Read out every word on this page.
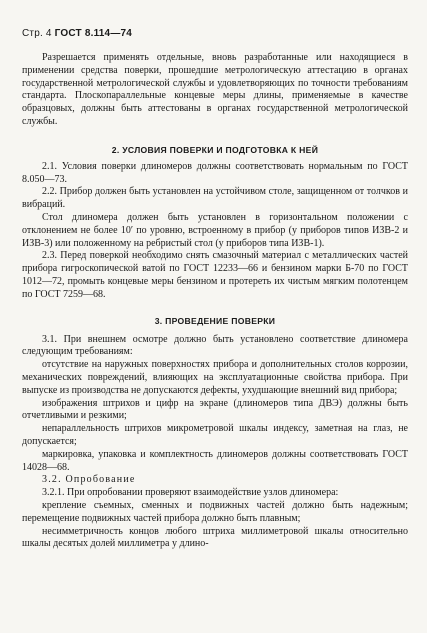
Стр. 4 ГОСТ 8.114—74

Разрешается применять отдельные, вновь разработанные или находящиеся в применении средства поверки, прошедшие метрологическую аттестацию в органах государственной метрологической службы и удовлетворяющих по точности требованиям стандарта. Плоскопараллельные концевые меры длины, применяемые в качестве образцовых, должны быть аттестованы в органах государственной метрологической службы.

2. УСЛОВИЯ ПОВЕРКИ И ПОДГОТОВКА К НЕЙ

2.1. Условия поверки длиномеров должны соответствовать нормальным по ГОСТ 8.050—73.

2.2. Прибор должен быть установлен на устойчивом столе, защищенном от толчков и вибраций.

Стол длиномера должен быть установлен в горизонтальном положении с отклонением не более 10′ по уровню, встроенному в прибор (у приборов типов ИЗВ-2 и ИЗВ-3) или положенному на ребристый стол (у приборов типа ИЗВ-1).

2.3. Перед поверкой необходимо снять смазочный материал с металлических частей прибора гигроскопической ватой по ГОСТ 12233—66 и бензином марки Б-70 по ГОСТ 1012—72, промыть концевые меры бензином и протереть их чистым мягким полотенцем по ГОСТ 7259—68.

3. ПРОВЕДЕНИЕ ПОВЕРКИ

3.1. При внешнем осмотре должно быть установлено соответствие длиномера следующим требованиям:

отсутствие на наружных поверхностях прибора и дополнительных столов коррозии, механических повреждений, влияющих на эксплуатационные свойства прибора. При выпуске из производства не допускаются дефекты, ухудшающие внешний вид прибора;

изображения штрихов и цифр на экране (длиномеров типа ДВЭ) должны быть отчетливыми и резкими;

непараллельность штрихов микрометровой шкалы индексу, заметная на глаз, не допускается;

маркировка, упаковка и комплектность длиномеров должны соответствовать ГОСТ 14028—68.

3.2. Опробование

3.2.1. При опробовании проверяют взаимодействие узлов длиномера:

крепление съемных, сменных и подвижных частей должно быть надежным; перемещение подвижных частей прибора должно быть плавным;

несимметричность концов любого штриха миллиметровой шкалы относительно шкалы десятых долей миллиметра у длино-
